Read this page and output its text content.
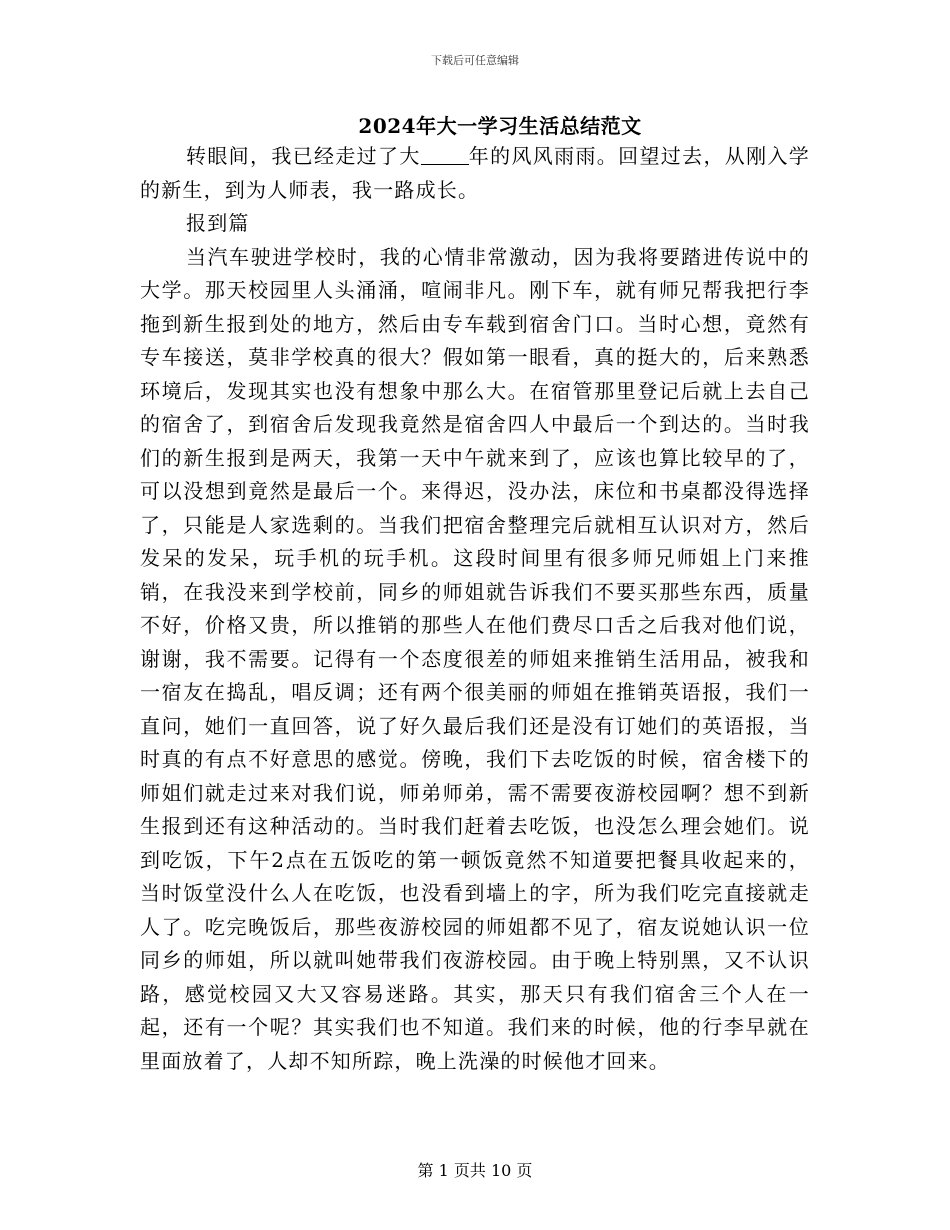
下载后可任意编辑
2024年大一学习生活总结范文

转眼间，我已经走过了大 年的风风雨雨。回望过去，从刚入学的新生，到为人师表，我一路成长。

报到篇

当汽车驶进学校时，我的心情非常激动，因为我将要踏进传说中的大学。那天校园里人头涌涌，喧闹非凡。刚下车，就有师兄帮我把行李拖到新生报到处的地方，然后由专车载到宿舍门口。当时心想，竟然有专车接送，莫非学校真的很大？假如第一眼看，真的挺大的，后来熟悉环境后，发现其实也没有想象中那么大。在宿管那里登记后就上去自己的宿舍了，到宿舍后发现我竟然是宿舍四人中最后一个到达的。当时我们的新生报到是两天，我第一天中午就来到了，应该也算比较早的了，可以没想到竟然是最后一个。来得迟，没办法，床位和书桌都没得选择了，只能是人家选剩的。当我们把宿舍整理完后就相互认识对方，然后发呆的发呆，玩手机的玩手机。这段时间里有很多师兄师姐上门来推销，在我没来到学校前，同乡的师姐就告诉我们不要买那些东西，质量不好，价格又贵，所以推销的那些人在他们费尽口舌之后我对他们说，谢谢，我不需要。记得有一个态度很差的师姐来推销生活用品，被我和一宿友在捣乱，唱反调；还有两个很美丽的师姐在推销英语报，我们一直问，她们一直回答，说了好久最后我们还是没有订她们的英语报，当时真的有点不好意思的感觉。傍晚，我们下去吃饭的时候，宿舍楼下的师姐们就走过来对我们说，师弟师弟，需不需要夜游校园啊？想不到新生报到还有这种活动的。当时我们赶着去吃饭，也没怎么理会她们。说到吃饭，下午2点在五饭吃的第一顿饭竟然不知道要把餐具收起来的，当时饭堂没什么人在吃饭，也没看到墙上的字，所为我们吃完直接就走人了。吃完晚饭后，那些夜游校园的师姐都不见了，宿友说她认识一位同乡的师姐，所以就叫她带我们夜游校园。由于晚上特别黑，又不认识路，感觉校园又大又容易迷路。其实，那天只有我们宿舍三个人在一起，还有一个呢？其实我们也不知道。我们来的时候，他的行李早就在里面放着了，人却不知所踪，晚上洗澡的时候他才回来。

第 1 页共 10 页
